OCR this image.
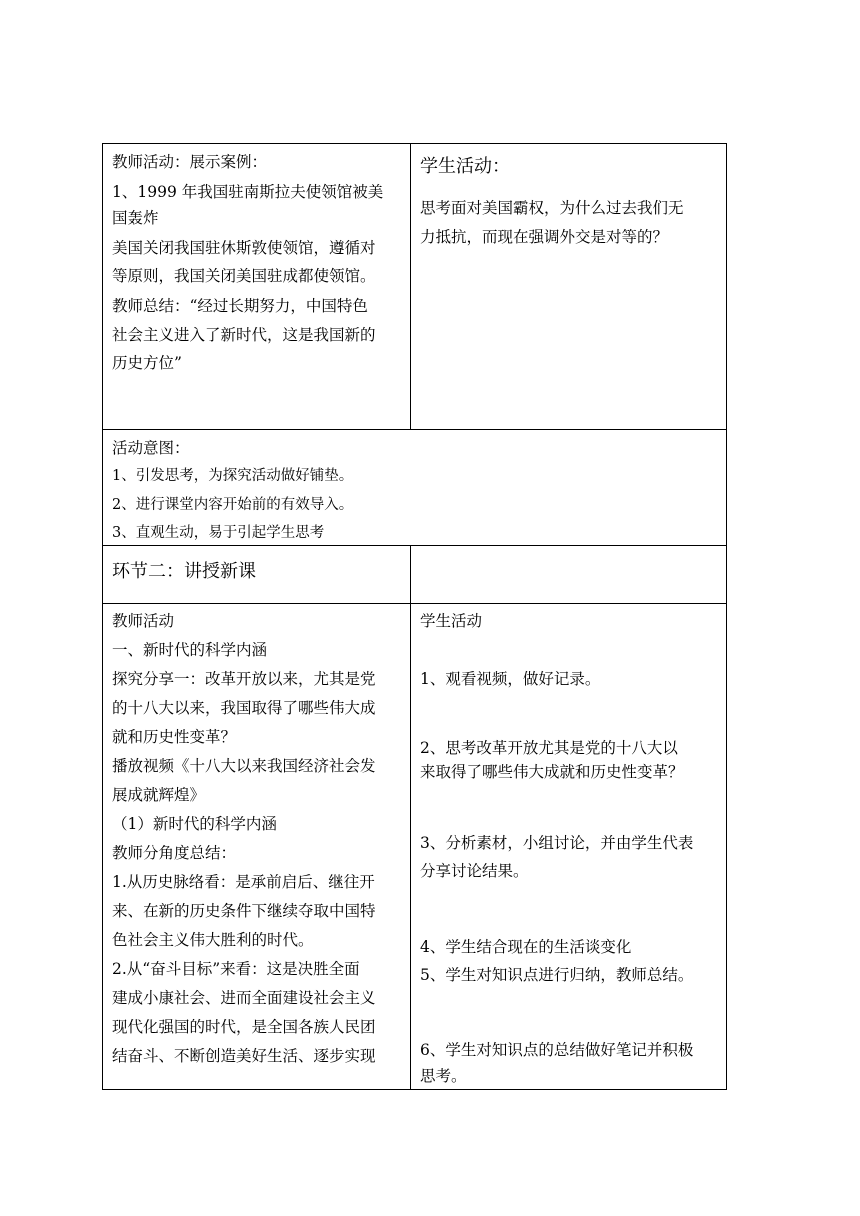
教师活动：展示案例：
1、1999 年我国驻南斯拉夫使领馆被美
国轰炸
美国关闭我国驻休斯敦使领馆，遵循对
等原则，我国关闭美国驻成都使领馆。
教师总结：“经过长期努力，中国特色
社会主义进入了新时代，这是我国新的
历史方位”
学生活动：
思考面对美国霸权，为什么过去我们无
力抵抗，而现在强调外交是对等的？
活动意图：
1、引发思考，为探究活动做好铺垫。
2、进行课堂内容开始前的有效导入。
3、直观生动，易于引起学生思考
环节二：讲授新课
教师活动
一、新时代的科学内涵
探究分享一：改革开放以来，尤其是党
的十八大以来，我国取得了哪些伟大成
就和历史性变革？
播放视频《十八大以来我国经济社会发
展成就辉煌》
（1）新时代的科学内涵
教师分角度总结：
1.从历史脉络看：是承前启后、继往开
来、在新的历史条件下继续夺取中国特
色社会主义伟大胜利的时代。
2.从“奋斗目标”来看：这是决胜全面
建成小康社会、进而全面建设社会主义
现代化强国的时代，是全国各族人民团
结奋斗、不断创造美好生活、逐步实现
学生活动
1、观看视频，做好记录。
2、思考改革开放尤其是党的十八大以
来取得了哪些伟大成就和历史性变革？
3、分析素材，小组讨论，并由学生代表
分享讨论结果。
4、学生结合现在的生活谈变化
5、学生对知识点进行归纳，教师总结。
6、学生对知识点的总结做好笔记并积极
思考。
